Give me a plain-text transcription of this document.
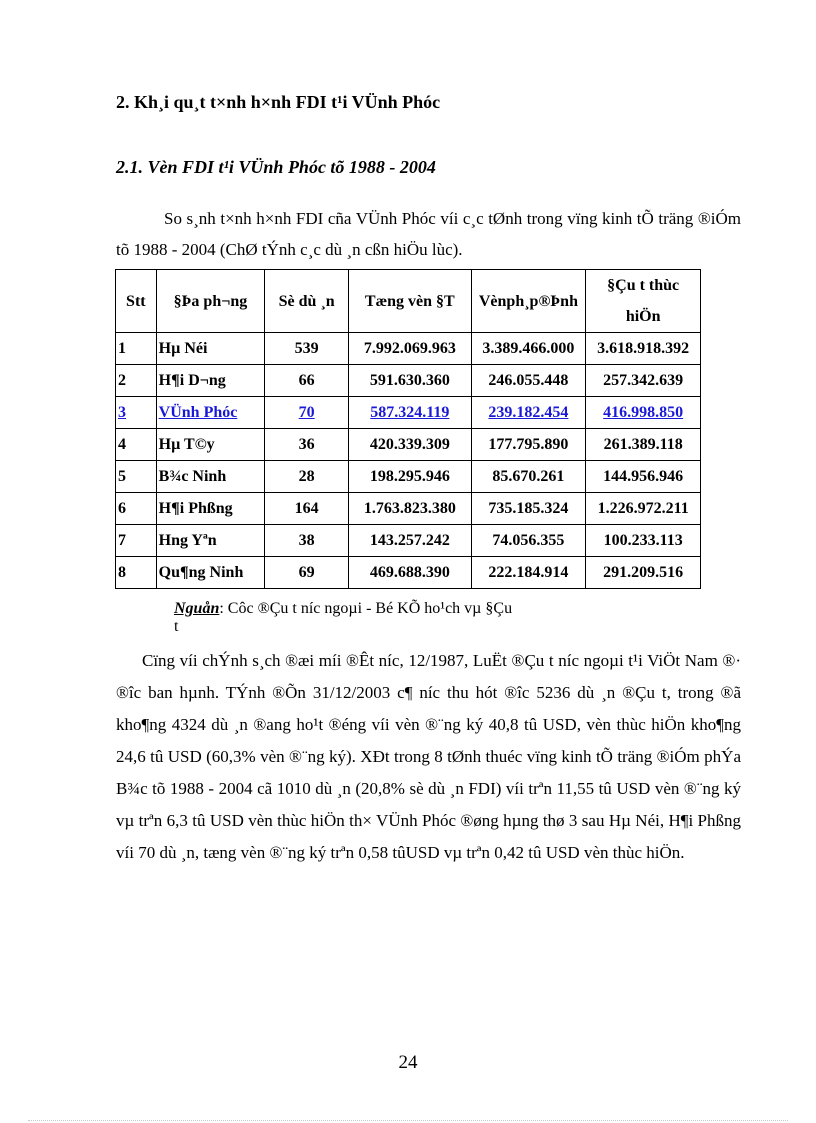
2. Kh¸i qu¸t t×nh h×nh FDI t¹i VÜnh Phóc
2.1. Vèn FDI t¹i VÜnh Phóc tõ 1988 - 2004

So s¸nh t×nh h×nh FDI cña VÜnh Phóc víi c¸c tØnh trong vïng kinh tÕ träng ®iÓm tõ 1988 - 2004 (ChØ tÝnh c¸c dù ¸n cßn hiÖu lùc).

Stt	§Þa ph¬ng	Sè dù ¸n	Tæng vèn §T	Vènph¸p®Þnh	§Çu t thùc hiÖn
1	Hµ Néi	539	7.992.069.963	3.389.466.000	3.618.918.392
2	H¶i D¬ng	66	591.630.360	246.055.448	257.342.639
3	VÜnh Phóc	70	587.324.119	239.182.454	416.998.850
4	Hµ T©y	36	420.339.309	177.795.890	261.389.118
5	B¾c Ninh	28	198.295.946	85.670.261	144.956.946
6	H¶i Phßng	164	1.763.823.380	735.185.324	1.226.972.211
7	Hng Yªn	38	143.257.242	74.056.355	100.233.113
8	Qu¶ng Ninh	69	469.688.390	222.184.914	291.209.516
Nguån: Côc ®Çu t níc ngoµi - Bé KÕ ho¹ch vµ §Çu t

Cïng víi chÝnh s¸ch ®æi míi ®Êt níc, 12/1987, LuËt ®Çu t níc ngoµi t¹i ViÖt Nam ®· ®îc ban hµnh. TÝnh ®Õn 31/12/2003 c¶ níc thu hót ®îc 5236 dù ¸n ®Çu t, trong ®ã kho¶ng 4324 dù ¸n ®ang ho¹t ®éng víi vèn ®¨ng ký 40,8 tû USD, vèn thùc hiÖn kho¶ng 24,6 tû USD (60,3% vèn ®¨ng ký). XÐt trong 8 tØnh thuéc vïng kinh tÕ träng ®iÓm phÝa B¾c tõ 1988 - 2004 cã 1010 dù ¸n (20,8% sè dù ¸n FDI) víi trªn 11,55 tû USD vèn ®¨ng ký vµ trªn 6,3 tû USD vèn thùc hiÖn th× VÜnh Phóc ®øng hµng thø 3 sau Hµ Néi, H¶i Phßng víi 70 dù ¸n, tæng vèn ®¨ng ký trªn 0,58 tûUSD vµ trªn 0,42 tû USD vèn thùc hiÖn.

24
